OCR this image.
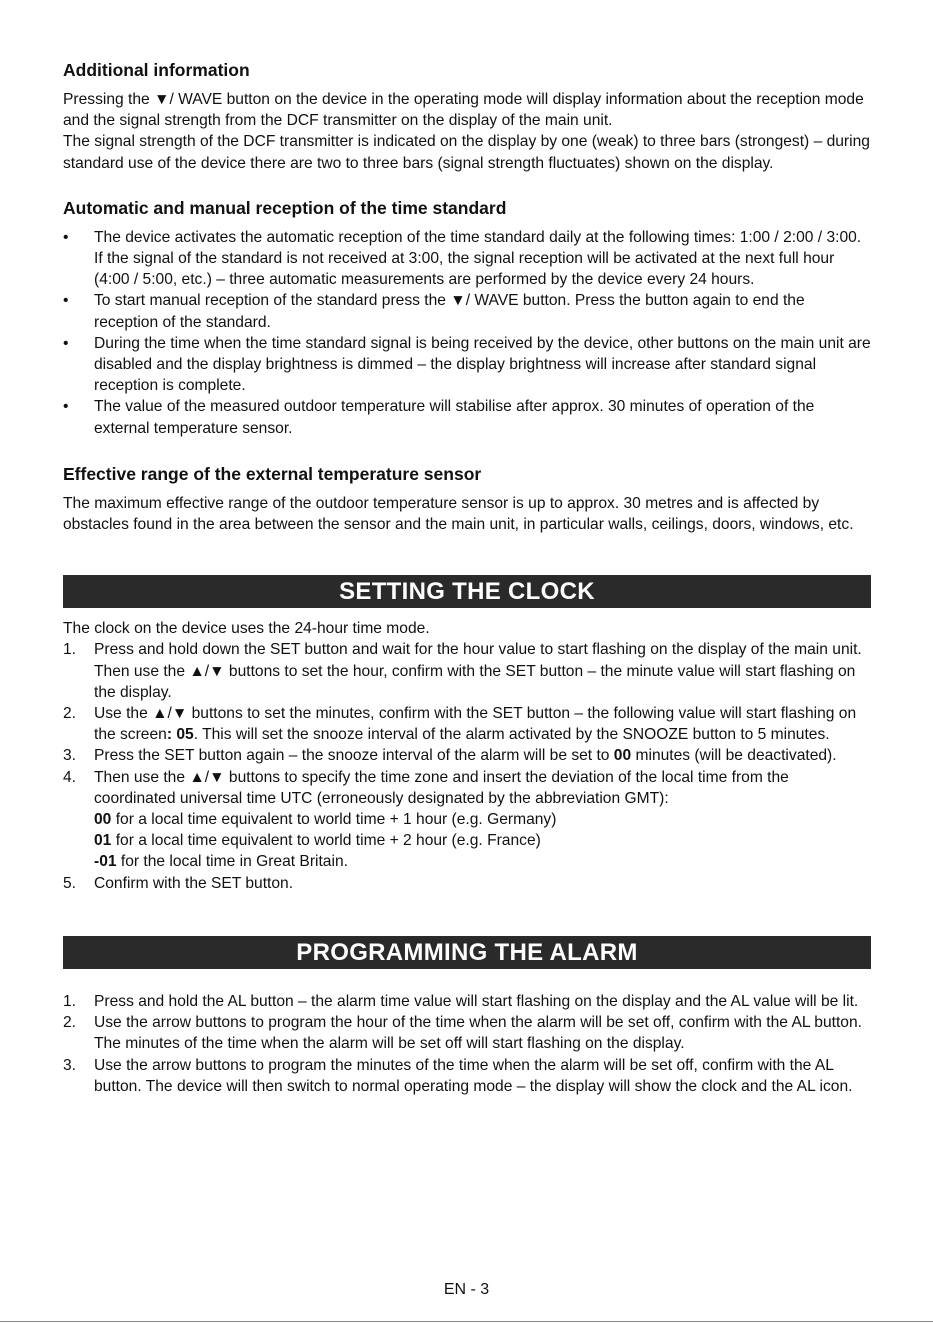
Additional information

Pressing the ▼/ WAVE button on the device in the operating mode will display information about the reception mode and the signal strength from the DCF transmitter on the display of the main unit.

The signal strength of the DCF transmitter is indicated on the display by one (weak) to three bars (strongest) – during standard use of the device there are two to three bars (signal strength fluctuates) shown on the display.

Automatic and manual reception of the time standard
• The device activates the automatic reception of the time standard daily at the following times: 1:00 / 2:00 / 3:00. If the signal of the standard is not received at 3:00, the signal reception will be activated at the next full hour (4:00 / 5:00, etc.) – three automatic measurements are performed by the device every 24 hours.
• To start manual reception of the standard press the ▼/ WAVE button. Press the button again to end the reception of the standard.
• During the time when the time standard signal is being received by the device, other buttons on the main unit are disabled and the display brightness is dimmed – the display brightness will increase after standard signal reception is complete.
• The value of the measured outdoor temperature will stabilise after approx. 30 minutes of operation of the external temperature sensor.
Effective range of the external temperature sensor

The maximum effective range of the outdoor temperature sensor is up to approx. 30 metres and is affected by obstacles found in the area between the sensor and the main unit, in particular walls, ceilings, doors, windows, etc.

SETTING THE CLOCK

The clock on the device uses the 24-hour time mode.

1. Press and hold down the SET button and wait for the hour value to start flashing on the display of the main unit. Then use the ▲/▼ buttons to set the hour, confirm with the SET button – the minute value will start flashing on the display.
2. Use the ▲/▼ buttons to set the minutes, confirm with the SET button – the following value will start flashing on the screen: 05. This will set the snooze interval of the alarm activated by the SNOOZE button to 5 minutes.
3. Press the SET button again – the snooze interval of the alarm will be set to 00 minutes (will be deactivated).
4. Then use the ▲/▼ buttons to specify the time zone and insert the deviation of the local time from the coordinated universal time UTC (erroneously designated by the abbreviation GMT):
00 for a local time equivalent to world time + 1 hour (e.g. Germany)
01 for a local time equivalent to world time + 2 hour (e.g. France)
-01 for the local time in Great Britain.
5. Confirm with the SET button.
PROGRAMMING THE ALARM
1. Press and hold the AL button – the alarm time value will start flashing on the display and the AL value will be lit.
2. Use the arrow buttons to program the hour of the time when the alarm will be set off, confirm with the AL button. The minutes of the time when the alarm will be set off will start flashing on the display.
3. Use the arrow buttons to program the minutes of the time when the alarm will be set off, confirm with the AL button. The device will then switch to normal operating mode – the display will show the clock and the AL icon.
EN - 3
